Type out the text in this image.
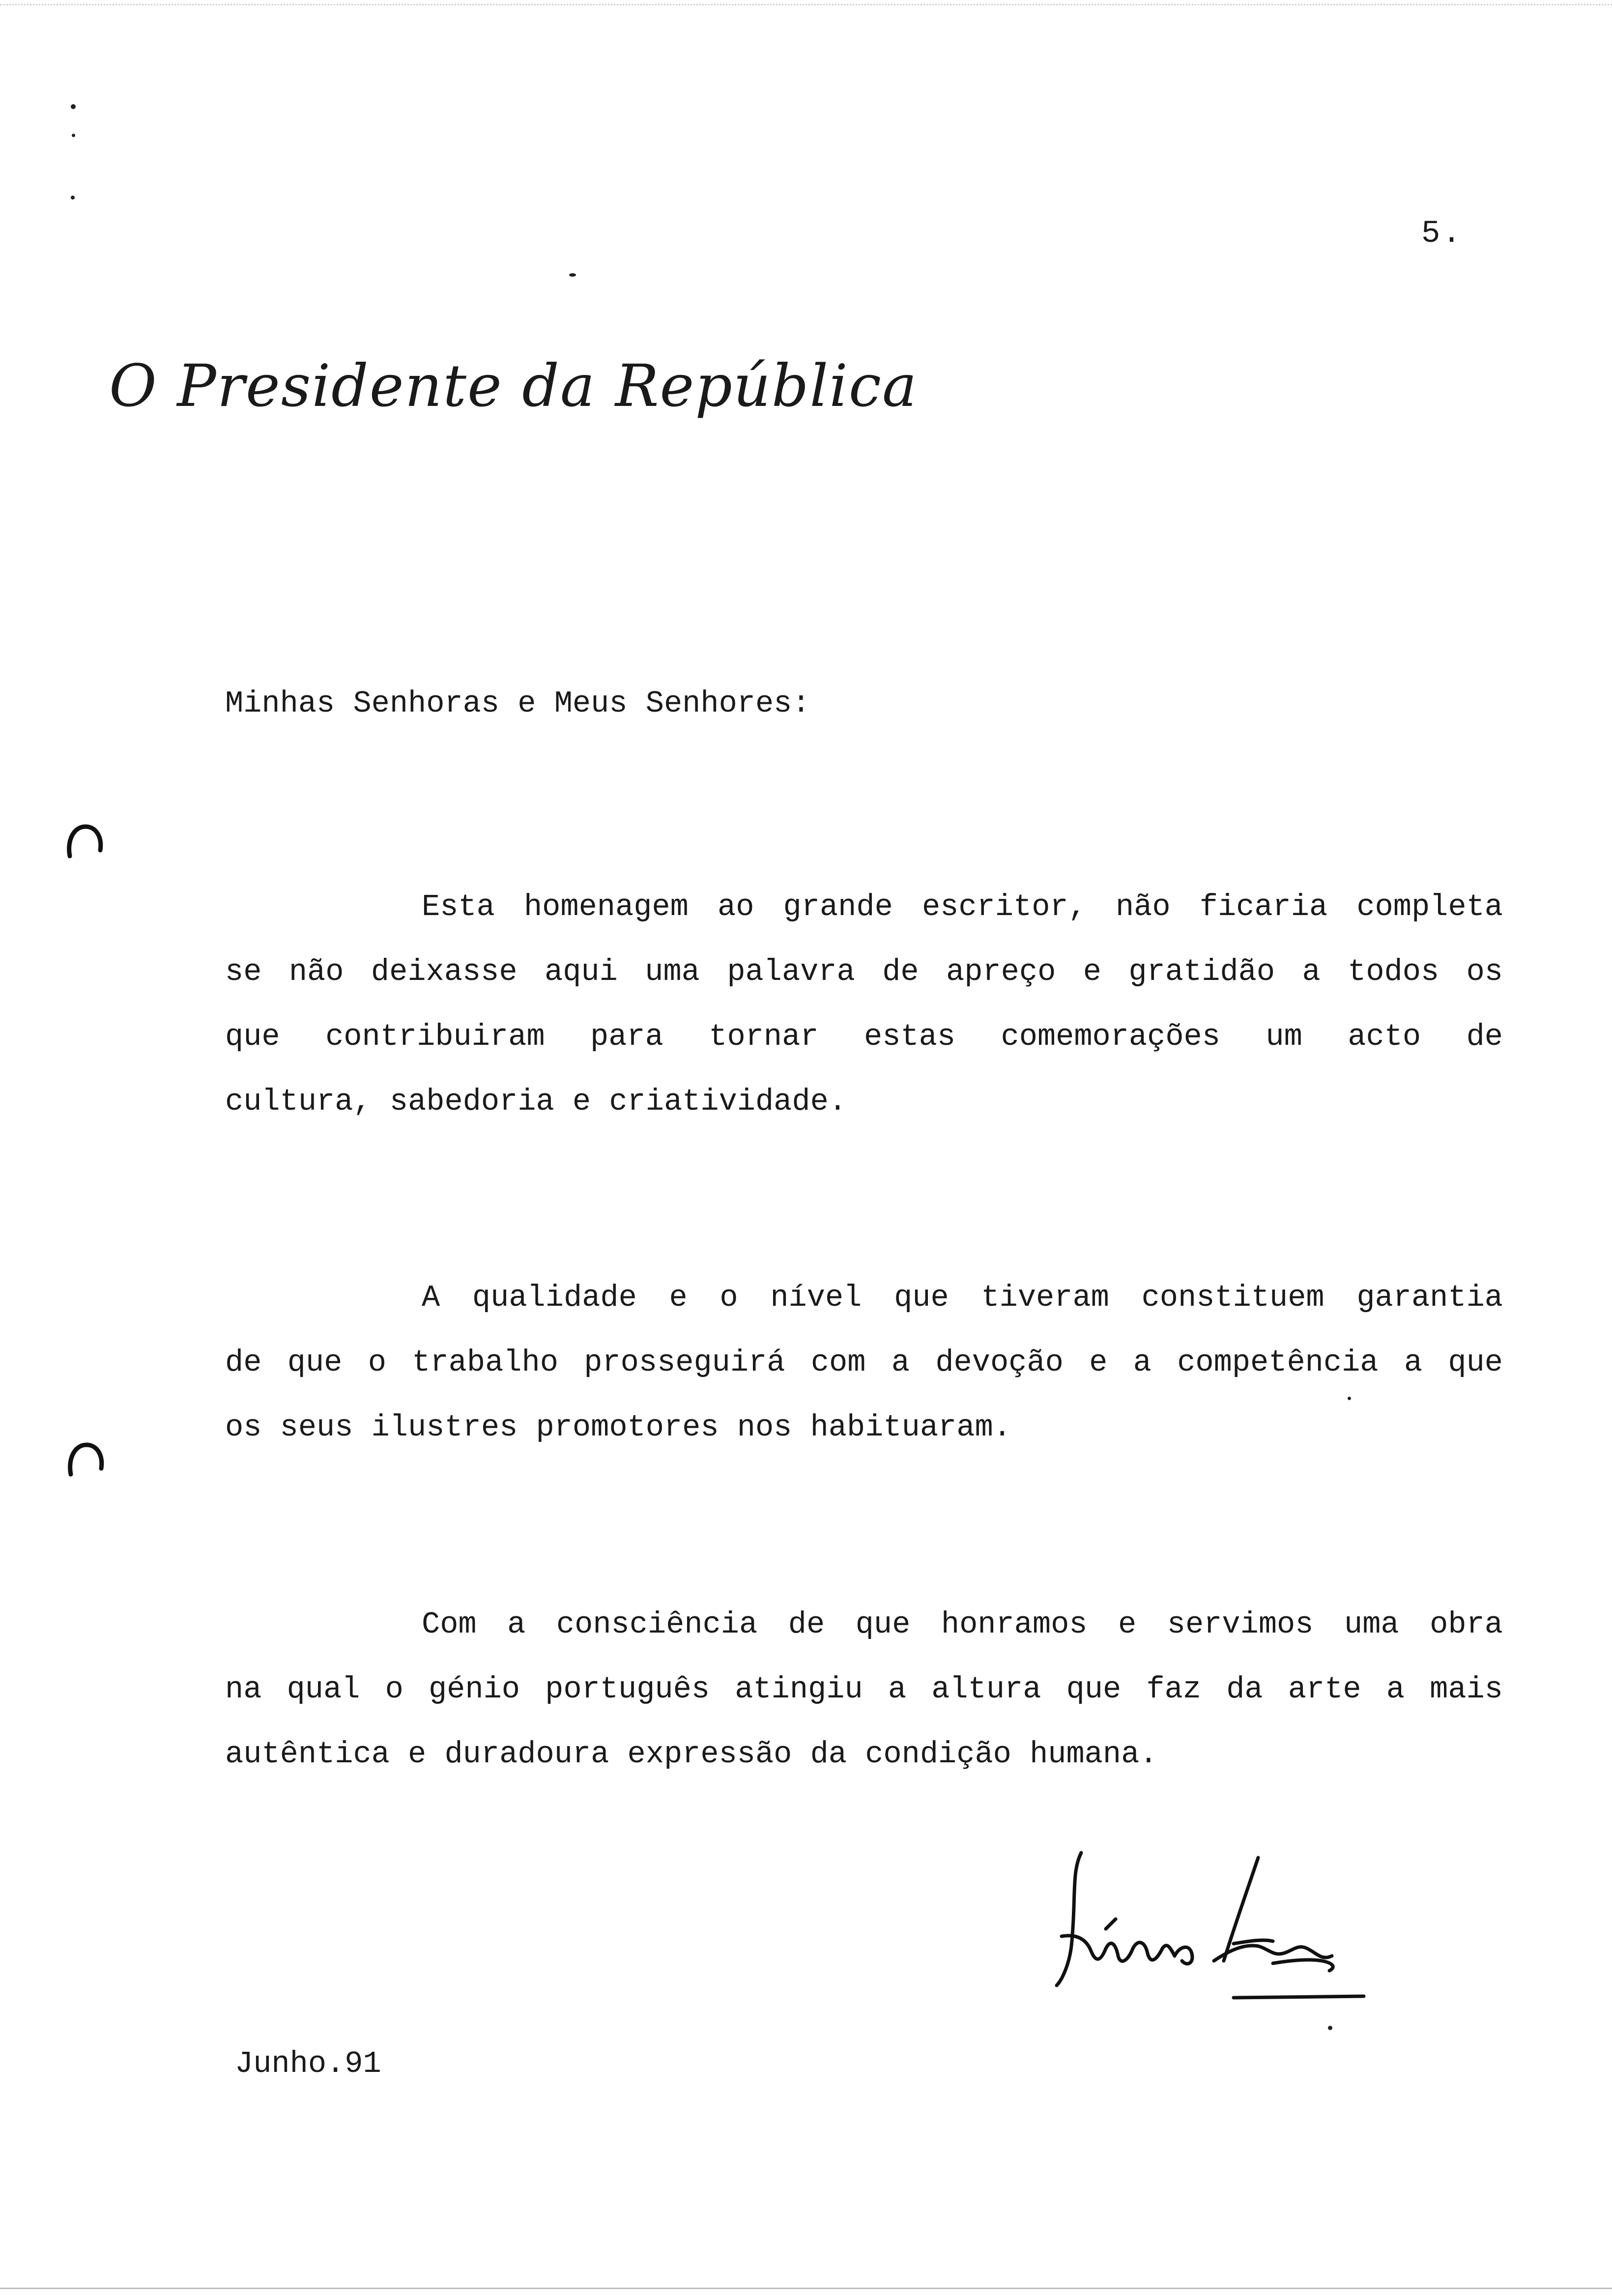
5.
O Presidente da República
Minhas Senhoras e Meus Senhores:
Esta homenagem ao grande escritor, não ficaria completa
se não deixasse aqui uma palavra de apreço e gratidão a todos os
que contribuiram para tornar estas comemorações um acto de
cultura, sabedoria e criatividade.
A qualidade e o nível que tiveram constituem garantia
de que o trabalho prosseguirá com a devoção e a competência a que
os seus ilustres promotores nos habituaram.
Com a consciência de que honramos e servimos uma obra
na qual o génio português atingiu a altura que faz da arte a mais
autêntica e duradoura expressão da condição humana.
Junho.91
